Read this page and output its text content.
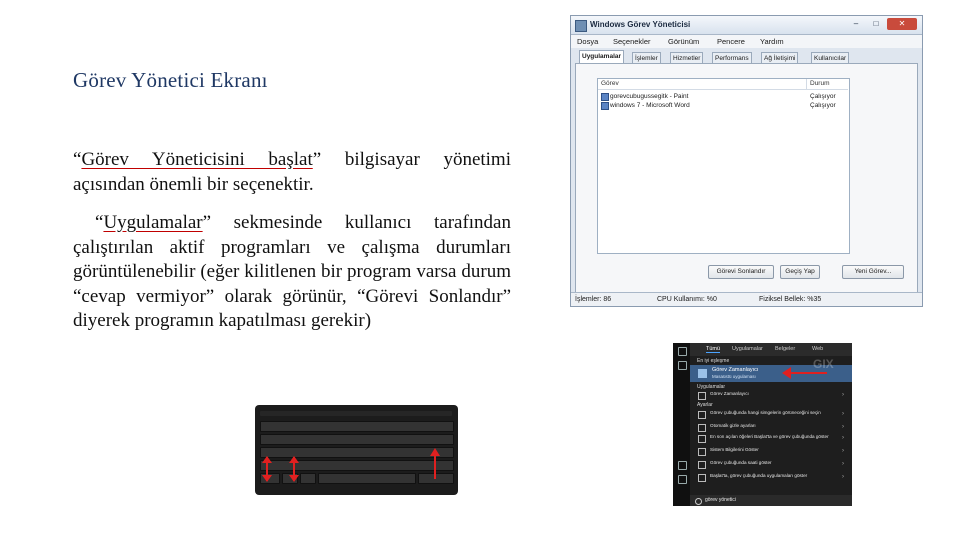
Görev Yönetici Ekranı
“Görev Yöneticisini başlat” bilgisayar yönetimi açısından önemli bir seçenektir.
“Uygulamalar” sekmesinde kullanıcı tarafından çalıştırılan aktif programları ve çalışma durumları görüntülenebilir (eğer kilitlenen bir program varsa durum “cevap vermiyor” olarak görünür, “Görevi Sonlandır” diyerek programın kapatılması gerekir)
Windows Görev Yöneticisi	–	□	✕
Dosya Seçenekler Görünüm Pencere Yardım
Uygulamalar	İşlemler	Hizmetler	Performans	Ağ İletişimi	Kullanıcılar
Görev	Durum
gorevcubugussegitk - Paint	Çalışıyor
windows 7 - Microsoft Word	Çalışıyor
Görevi Sonlandır	Geçiş Yap	Yeni Görev...
İşlemler: 86	CPU Kullanımı: %0	Fiziksel Bellek: %35
Tümü Uygulamalar Belgeler	Web
En iyi eşleşme
Görev Zamanlayıcı
Masaüstü uygulaması
GIX
Uygulamalar
Görev Zamanlayıcı	›
Ayarlar
Görev çubuğunda hangi simgelerin görüneceğini seçin	›
Otomatik gizle ayarları	›
En son açılan öğeleri Başlat'ta ve görev çubuğunda göster	›
Sistem Bilgilerini Göster	›
Görev çubuğunda saati göster	›
Başlat'ta, görev çubuğunda uygulamaları göster	›
görev yönetici
